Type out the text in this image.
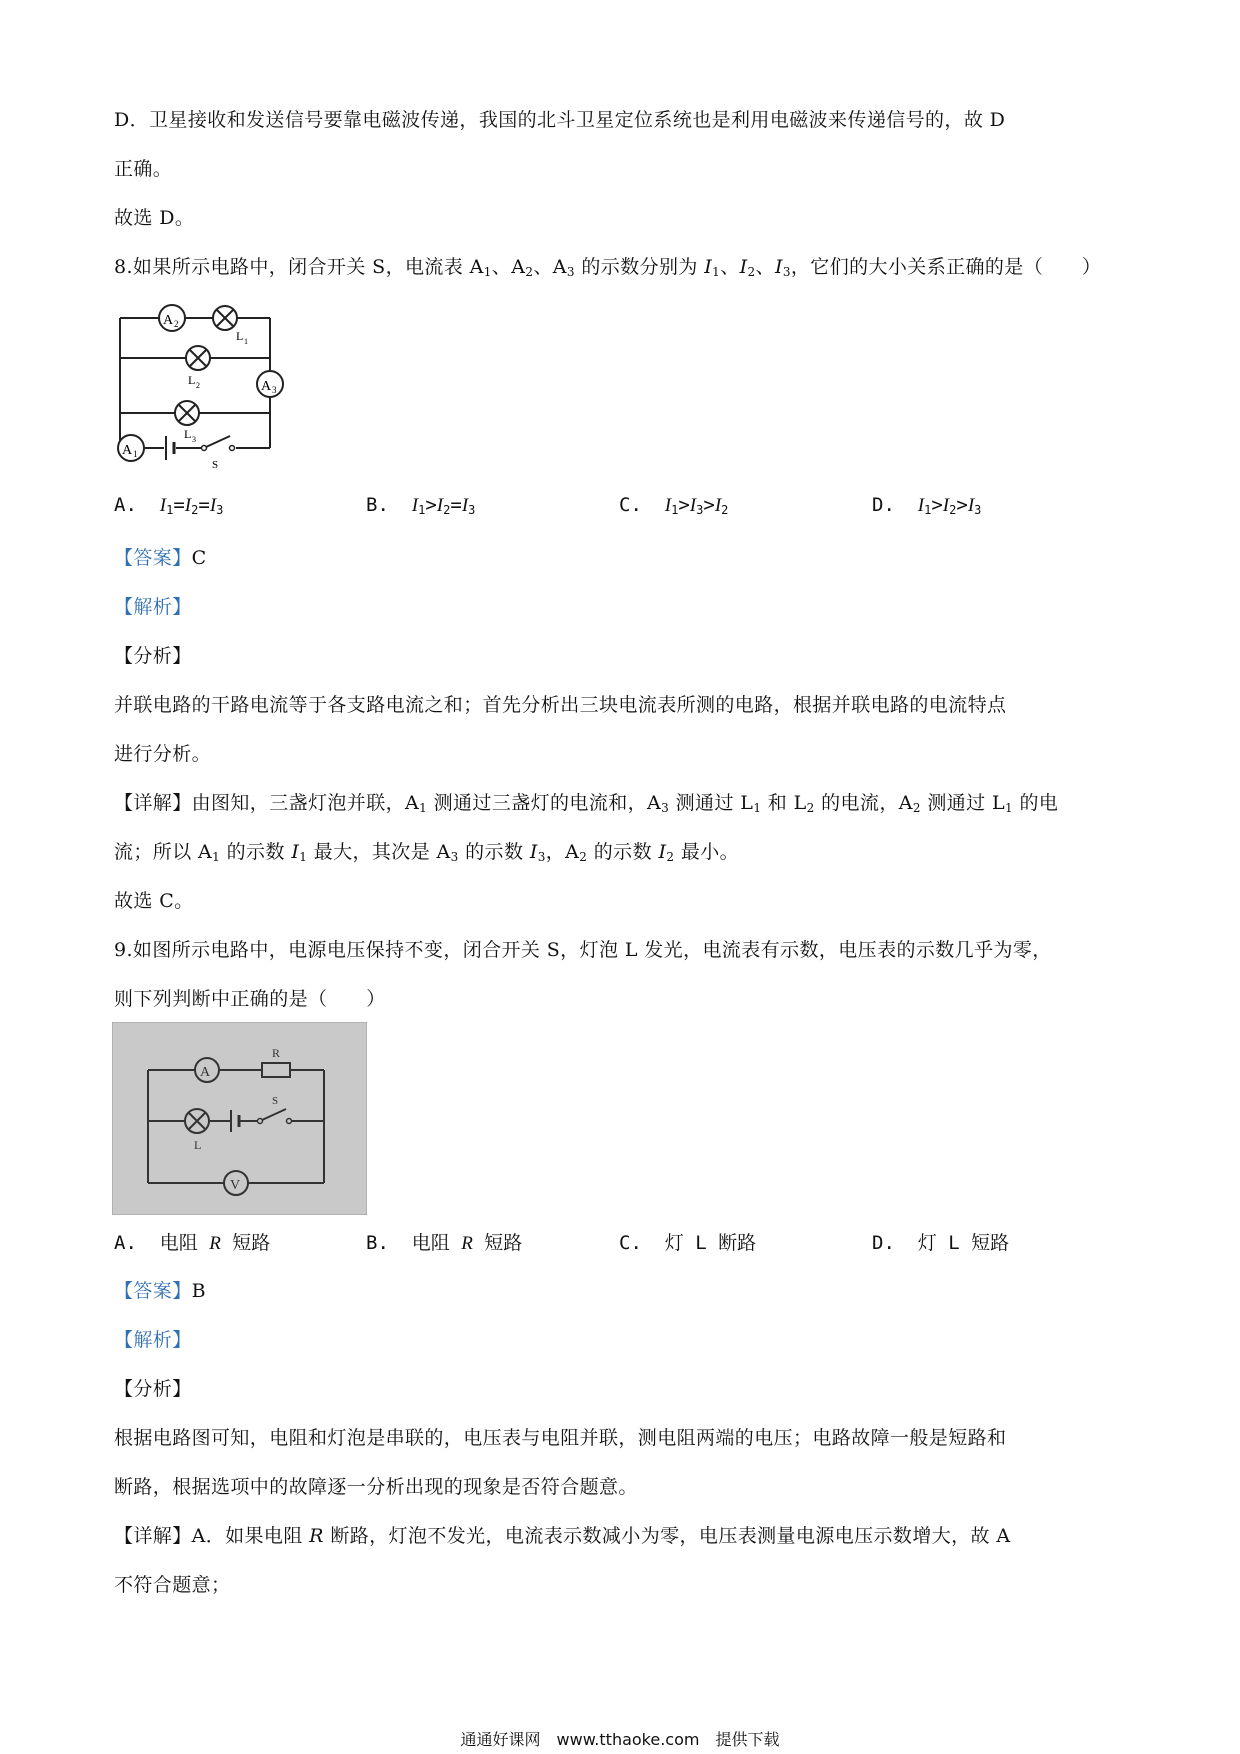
D．卫星接收和发送信号要靠电磁波传递，我国的北斗卫星定位系统也是利用电磁波来传递信号的，故 D
正确。
故选 D。
8.如果所示电路中，闭合开关 S，电流表 $A_1$、$A_2$、$A_3$ 的示数分别为 $I_1$、$I_2$、$I_3$，它们的大小关系正确的是（　　）
A 2
L 1
L 2	A 3
L 3
A 1
S
A. $I_1=I_2=I_3$	B. $I_1>I_2=I_3$	C. $I_1>I_3>I_2$	D. $I_1>I_2>I_3$
【答案】C
【解析】
【分析】
并联电路的干路电流等于各支路电流之和；首先分析出三块电流表所测的电路，根据并联电路的电流特点
进行分析。
【详解】由图知，三盏灯泡并联，$A_1$ 测通过三盏灯的电流和，$A_3$ 测通过 $L_1$ 和 $L_2$ 的电流，$A_2$ 测通过 $L_1$ 的电
流；所以 $A_1$ 的示数 $I_1$ 最大，其次是 $A_3$ 的示数 $I_3$，$A_2$ 的示数 $I_2$ 最小。
故选 C。
9.如图所示电路中，电源电压保持不变，闭合开关 S，灯泡 L 发光，电流表有示数，电压表的示数几乎为零，
则下列判断中正确的是（　　）
A
R
L
S
V
A. 电阻 R 短路	B. 电阻 R 短路	C. 灯 L 断路	D. 灯 L 短路
【答案】B
【解析】
【分析】
根据电路图可知，电阻和灯泡是串联的，电压表与电阻并联，测电阻两端的电压；电路故障一般是短路和
断路，根据选项中的故障逐一分析出现的现象是否符合题意。
【详解】A．如果电阻 R 断路，灯泡不发光，电流表示数减小为零，电压表测量电源电压示数增大，故 A
不符合题意；
通通好课网　www.tthaoke.com　提供下载
